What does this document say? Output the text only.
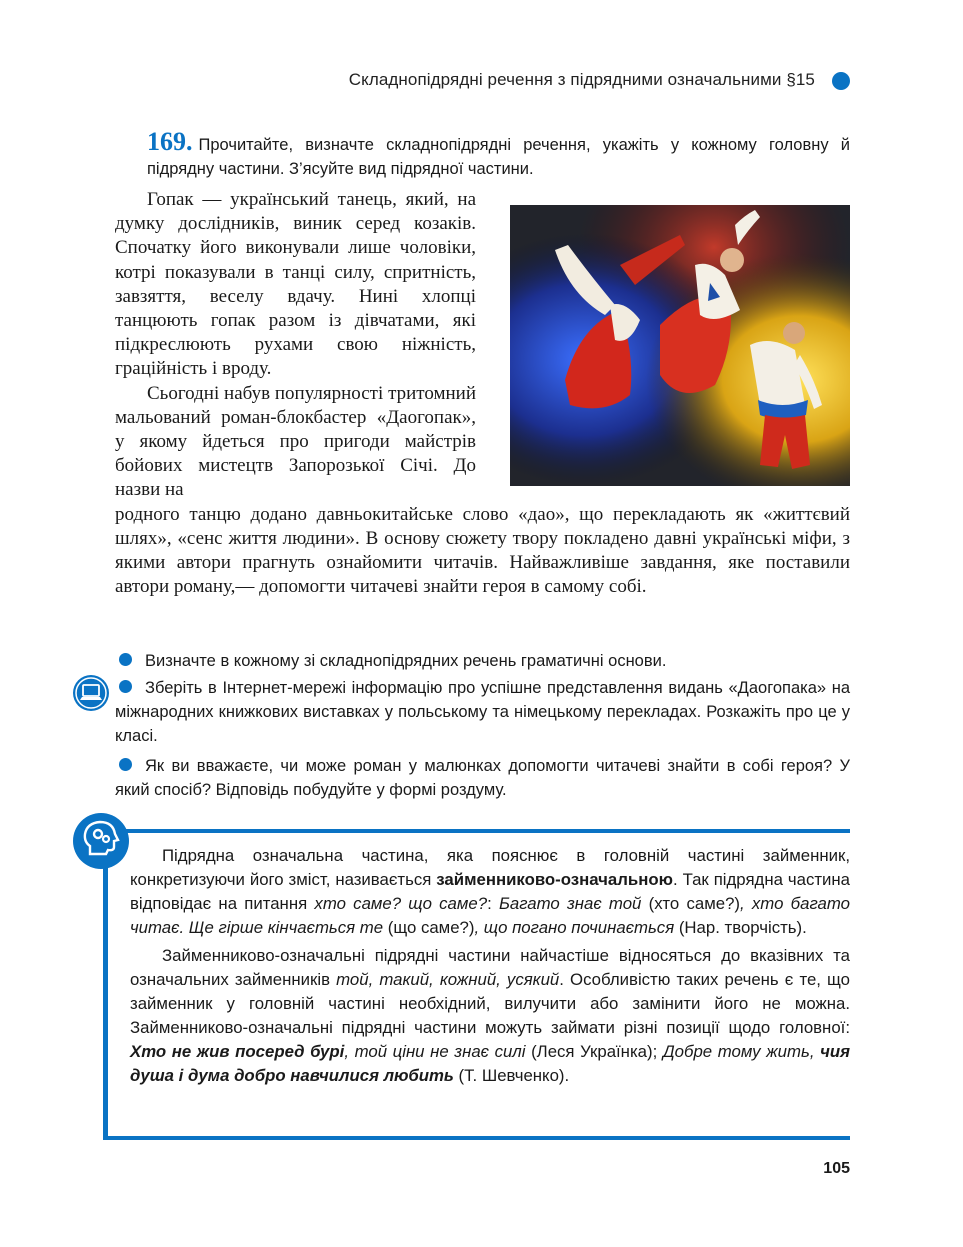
Складнопідрядні речення з підрядними означальними §15
169. Прочитайте, визначте складнопідрядні речення, укажіть у кожному головну й підрядну частини. З’ясуйте вид підрядної частини.

Гопак — український танець, який, на думку дослідників, виник серед козаків. Спочатку його виконували лише чоловіки, котрі показували в танці силу, спритність, завзяття, веселу вдачу. Нині хлопці танцюють гопак разом із дівчатами, які підкреслюють рухами свою ніжність, граційність і вроду.

Сьогодні набув популярності тритомний мальований роман-блокбастер «Даогопак», у якому йдеться про пригоди майстрів бойових мистецтв Запорозької Січі. До назви на

родного танцю додано давньокитайське слово «дао», що перекладають як «життєвий шлях», «сенс життя людини». В основу сюжету твору покладено давні українські міфи, з якими автори прагнуть ознайомити читачів. Найважливіше завдання, яке поставили автори роману,— допомогти читачеві знайти героя в самому собі.

Визначте в кожному зі складнопідрядних речень граматичні основи.
Зберіть в Інтернет-мережі інформацію про успішне представлення видань «Даогопака» на міжнародних книжкових виставках у польському та німецькому перекладах. Розкажіть про це у класі.
Як ви вважаєте, чи може роман у малюнках допомогти читачеві знайти в собі героя? У який спосіб? Відповідь побудуйте у формі роздуму.

Підрядна означальна частина, яка пояснює в головній частині займенник, конкретизуючи його зміст, називається займенниково-означальною. Так підрядна частина відповідає на питання хто саме? що саме?: Багато знає той (хто саме?), хто багато читає. Ще гірше кінчається те (що саме?), що погано починається (Нар. творчість).

Займенниково-означальні підрядні частини найчастіше відносяться до вказівних та означальних займенників той, такий, кожний, усякий. Особливістю таких речень є те, що займенник у головній частині необхідний, вилучити або замінити його не можна. Займенниково-означальні підрядні частини можуть займати різні позиції щодо головної: Хто не жив посеред бурі, той ціни не знає силі (Леся Українка); Добре тому жить, чия душа і дума добро навчилися любить (Т. Шевченко).

105
